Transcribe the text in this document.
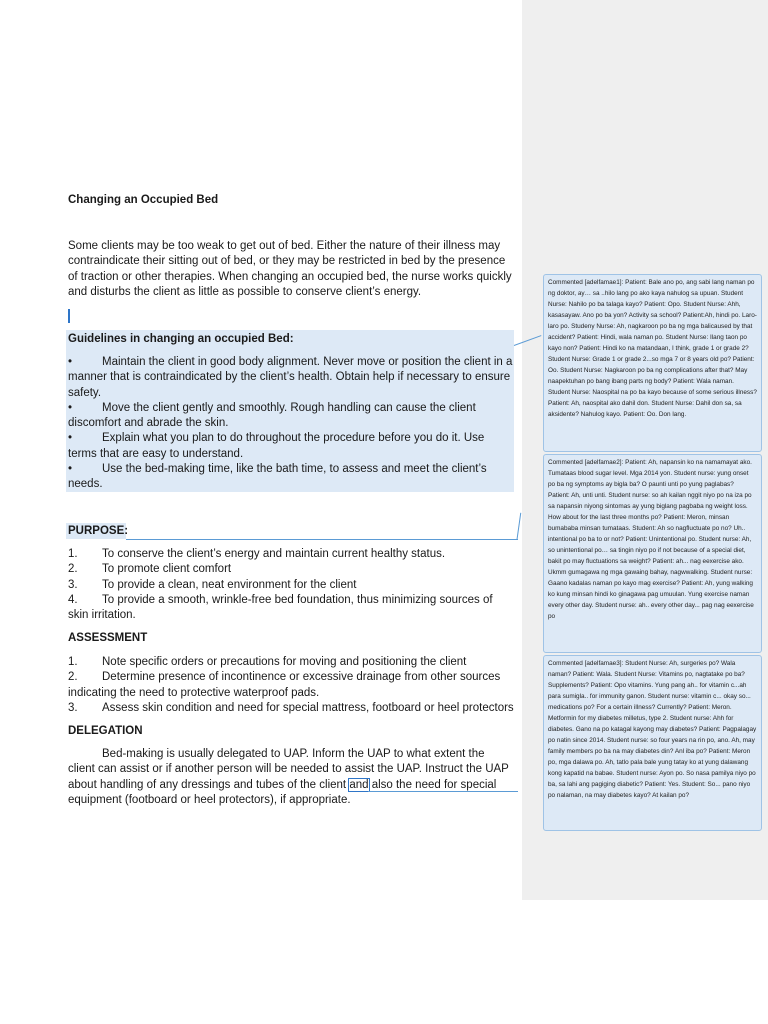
Changing an Occupied Bed
Some clients may be too weak to get out of bed. Either the nature of their illness may contraindicate their sitting out of bed, or they may be restricted in bed by the presence of traction or other therapies. When changing an occupied bed, the nurse works quickly and disturbs the client as little as possible to conserve client’s energy.
Guidelines in changing an occupied Bed:

•	Maintain the client in good body alignment. Never move or position the client in a manner that is contraindicated by the client’s health. Obtain help if necessary to ensure safety.

•	Move the client gently and smoothly. Rough handling can cause the client discomfort and abrade the skin.

•	Explain what you plan to do throughout the procedure before you do it. Use terms that are easy to understand.

•	Use the bed-making time, like the bath time, to assess and meet the client’s needs.

PURPOSE:

1. To conserve the client’s energy and maintain current healthy status.

2. To promote client comfort

3. To provide a clean, neat environment for the client

4. To provide a smooth, wrinkle-free bed foundation, thus minimizing sources of skin irritation.

ASSESSMENT

1. Note specific orders or precautions for moving and positioning the client

2. Determine presence of incontinence or excessive drainage from other sources indicating the need to protective waterproof pads.

3. Assess skin condition and need for special mattress, footboard or heel protectors

DELEGATION
Bed-making is usually delegated to UAP. Inform the UAP to what extent the client can assist or if another person will be needed to assist the UAP. Instruct the UAP about handling of any dressings and tubes of the client and also the need for special equipment (footboard or heel protectors), if appropriate.
Commented [adelfamae1]: Patient: Bale ano po, ang sabi lang naman po ng doktor, ay… sa ..hilo lang po ako kaya nahulog sa upuan. Student Nurse: Nahilo po ba talaga kayo? Patient: Opo. Student Nurse: Ahh, kasasayaw. Ano po ba yon? Activity sa school? Patient:Ah, hindi po. Laro-laro po. Studeny Nurse: Ah, nagkaroon po ba ng mga balicaused by that accident? Patient: Hindi, wala naman po. Student Nurse: Ilang taon po kayo non? Patient: Hindi ko na matandaan, I think, grade 1 or grade 2? Student Nurse: Grade 1 or grade 2...so mga 7 or 8 years old po? Patient: Oo. Student Nurse: Nagkaroon po ba ng complications after that? May naapektuhan po bang ibang parts ng body? Patient: Wala naman. Student Nurse: Naospital na po ba kayo because of some serious illness? Patient: Ah, naospital ako dahil don. Student Nurse: Dahil don sa, sa aksidente? Nahulog kayo. Patient: Oo. Don lang.
Commented [adelfamae2]: Patient: Ah, napansin ko na namamayat ako. Tumataas blood sugar level. Mga 2014 yon. Student nurse: yung onset po ba ng symptoms ay bigla ba? O paunti unti po yung paglabas? Patient: Ah, unti unti. Student nurse: so ah kailan nggit niyo po na iza po sa napansin niyong sintomas ay yung biglang pagbaba ng weight loss. How about for the last three months po? Patient: Meron, minsan bumababa minsan tumataas. Student: Ah so nagfluctuate po no? Uh.. intentional po ba to or not? Patient: Unintentional po. Student nurse: Ah, so unintentional po… sa tingin niyo po if not because of a special diet, bakit po may fluctuations sa weight? Patient: ah... nag eexercise ako. Ukmm gumagawa ng mga gawaing bahay, nagwwalking. Student nurse: Gaano kadalas naman po kayo mag exercise? Patient: Ah, yung walking ko kung minsan hindi ko ginagawa pag umuulan. Yung exercise naman every other day. Student nurse: ah.. every other day... pag nag eexercise po
Commented [adelfamae3]: Student Nurse: Ah, surgeries po? Wala naman? Patient: Wala. Student Nurse: Vitamins po, nagtatake po ba? Supplements? Patient: Opo vitamins. Yung pang ah.. for vitamin c...ah para sumigla.. for immunity ganon. Student nurse: vitamin c... okay so... medications po? For a certain illness? Currently? Patient: Meron. Metformin for my diabetes milletus, type 2. Student nurse: Ahh for diabetes. Gano na po katagal kayong may diabetes? Patient: Pagpalagay po natin since 2014. Student nurse: so four years na rin po, ano. Ah, may family members po ba na may diabetes din? Anl iba po? Patient: Meron po, mga dalawa po. Ah, tatlo pala bale yung tatay ko at yung dalawang kong kapatid na babae. Student nurse: Ayon po. So nasa pamilya niyo po ba, sa lahi ang pagiging diabetic? Patient: Yes. Student: So... pano niyo po nalaman, na may diabetes kayo? At kailan po?
